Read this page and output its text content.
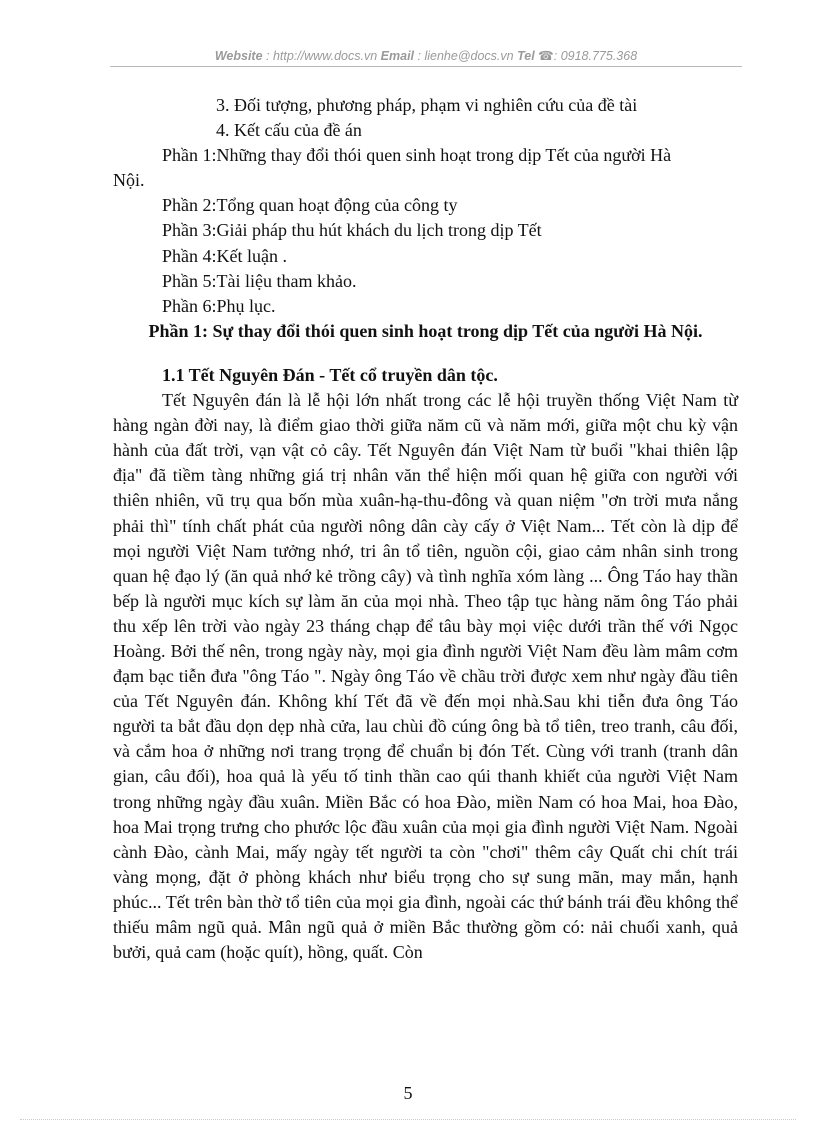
Website : http://www.docs.vn Email : lienhe@docs.vn Tel ☎: 0918.775.368

3. Đối tượng, phương pháp, phạm vi nghiên cứu của đề tài

4. Kết cấu của đề án

Phần 1:Những thay đổi thói quen sinh hoạt trong dịp Tết của người Hà

Nội.

Phần 2:Tổng quan hoạt động của công ty

Phần 3:Giải pháp thu hút khách du lịch trong dịp Tết

Phần 4:Kết luận .

Phần 5:Tài liệu tham khảo.

Phần 6:Phụ lục.

Phần 1: Sự thay đổi thói quen sinh hoạt trong dịp Tết của người Hà Nội.

1.1 Tết Nguyên Đán - Tết cổ truyền dân tộc.

Tết Nguyên đán là lễ hội lớn nhất trong các lễ hội truyền thống Việt Nam từ hàng ngàn đời nay, là điểm giao thời giữa năm cũ và năm mới, giữa một chu kỳ vận hành của đất trời, vạn vật cỏ cây. Tết Nguyên đán Việt Nam từ buổi "khai thiên lập địa" đã tiềm tàng những giá trị nhân văn thể hiện mối quan hệ giữa con người với thiên nhiên, vũ trụ qua bốn mùa xuân-hạ-thu-đông và quan niệm "ơn trời mưa nắng phải thì" tính chất phát của người nông dân cày cấy ở Việt Nam... Tết còn là dịp để mọi người Việt Nam tưởng nhớ, tri ân tổ tiên, nguồn cội, giao cảm nhân sinh trong quan hệ đạo lý (ăn quả nhớ kẻ trồng cây) và tình nghĩa xóm làng ... Ông Táo hay thần bếp là người mục kích sự làm ăn của mọi nhà. Theo tập tục hàng năm ông Táo phải thu xếp lên trời vào ngày 23 tháng chạp để tâu bày mọi việc dưới trần thế với Ngọc Hoàng. Bởi thế nên, trong ngày này, mọi gia đình người Việt Nam đều làm mâm cơm đạm bạc tiễn đưa "ông Táo ". Ngày ông Táo về chầu trời được xem như ngày đầu tiên của Tết Nguyên đán. Không khí Tết đã về đến mọi nhà.Sau khi tiễn đưa ông Táo người ta bắt đầu dọn dẹp nhà cửa, lau chùi đồ cúng ông bà tổ tiên, treo tranh, câu đối, và cắm hoa ở những nơi trang trọng để chuẩn bị đón Tết. Cùng với tranh (tranh dân gian, câu đối), hoa quả là yếu tố tinh thần cao qúi thanh khiết của người Việt Nam trong những ngày đầu xuân. Miền Bắc có hoa Đào, miền Nam có hoa Mai, hoa Đào, hoa Mai trọng trưng cho phước lộc đầu xuân của mọi gia đình người Việt Nam. Ngoài cành Đào, cành Mai, mấy ngày tết người ta còn "chơi" thêm cây Quất chi chít trái vàng mọng, đặt ở phòng khách như biểu trọng cho sự sung mãn, may mắn, hạnh phúc... Tết trên bàn thờ tổ tiên của mọi gia đình, ngoài các thứ bánh trái đều không thể thiếu mâm ngũ quả. Mân ngũ quả ở miền Bắc thường gồm có: nải chuối xanh, quả bưởi, quả cam (hoặc quít), hồng, quất. Còn

5
